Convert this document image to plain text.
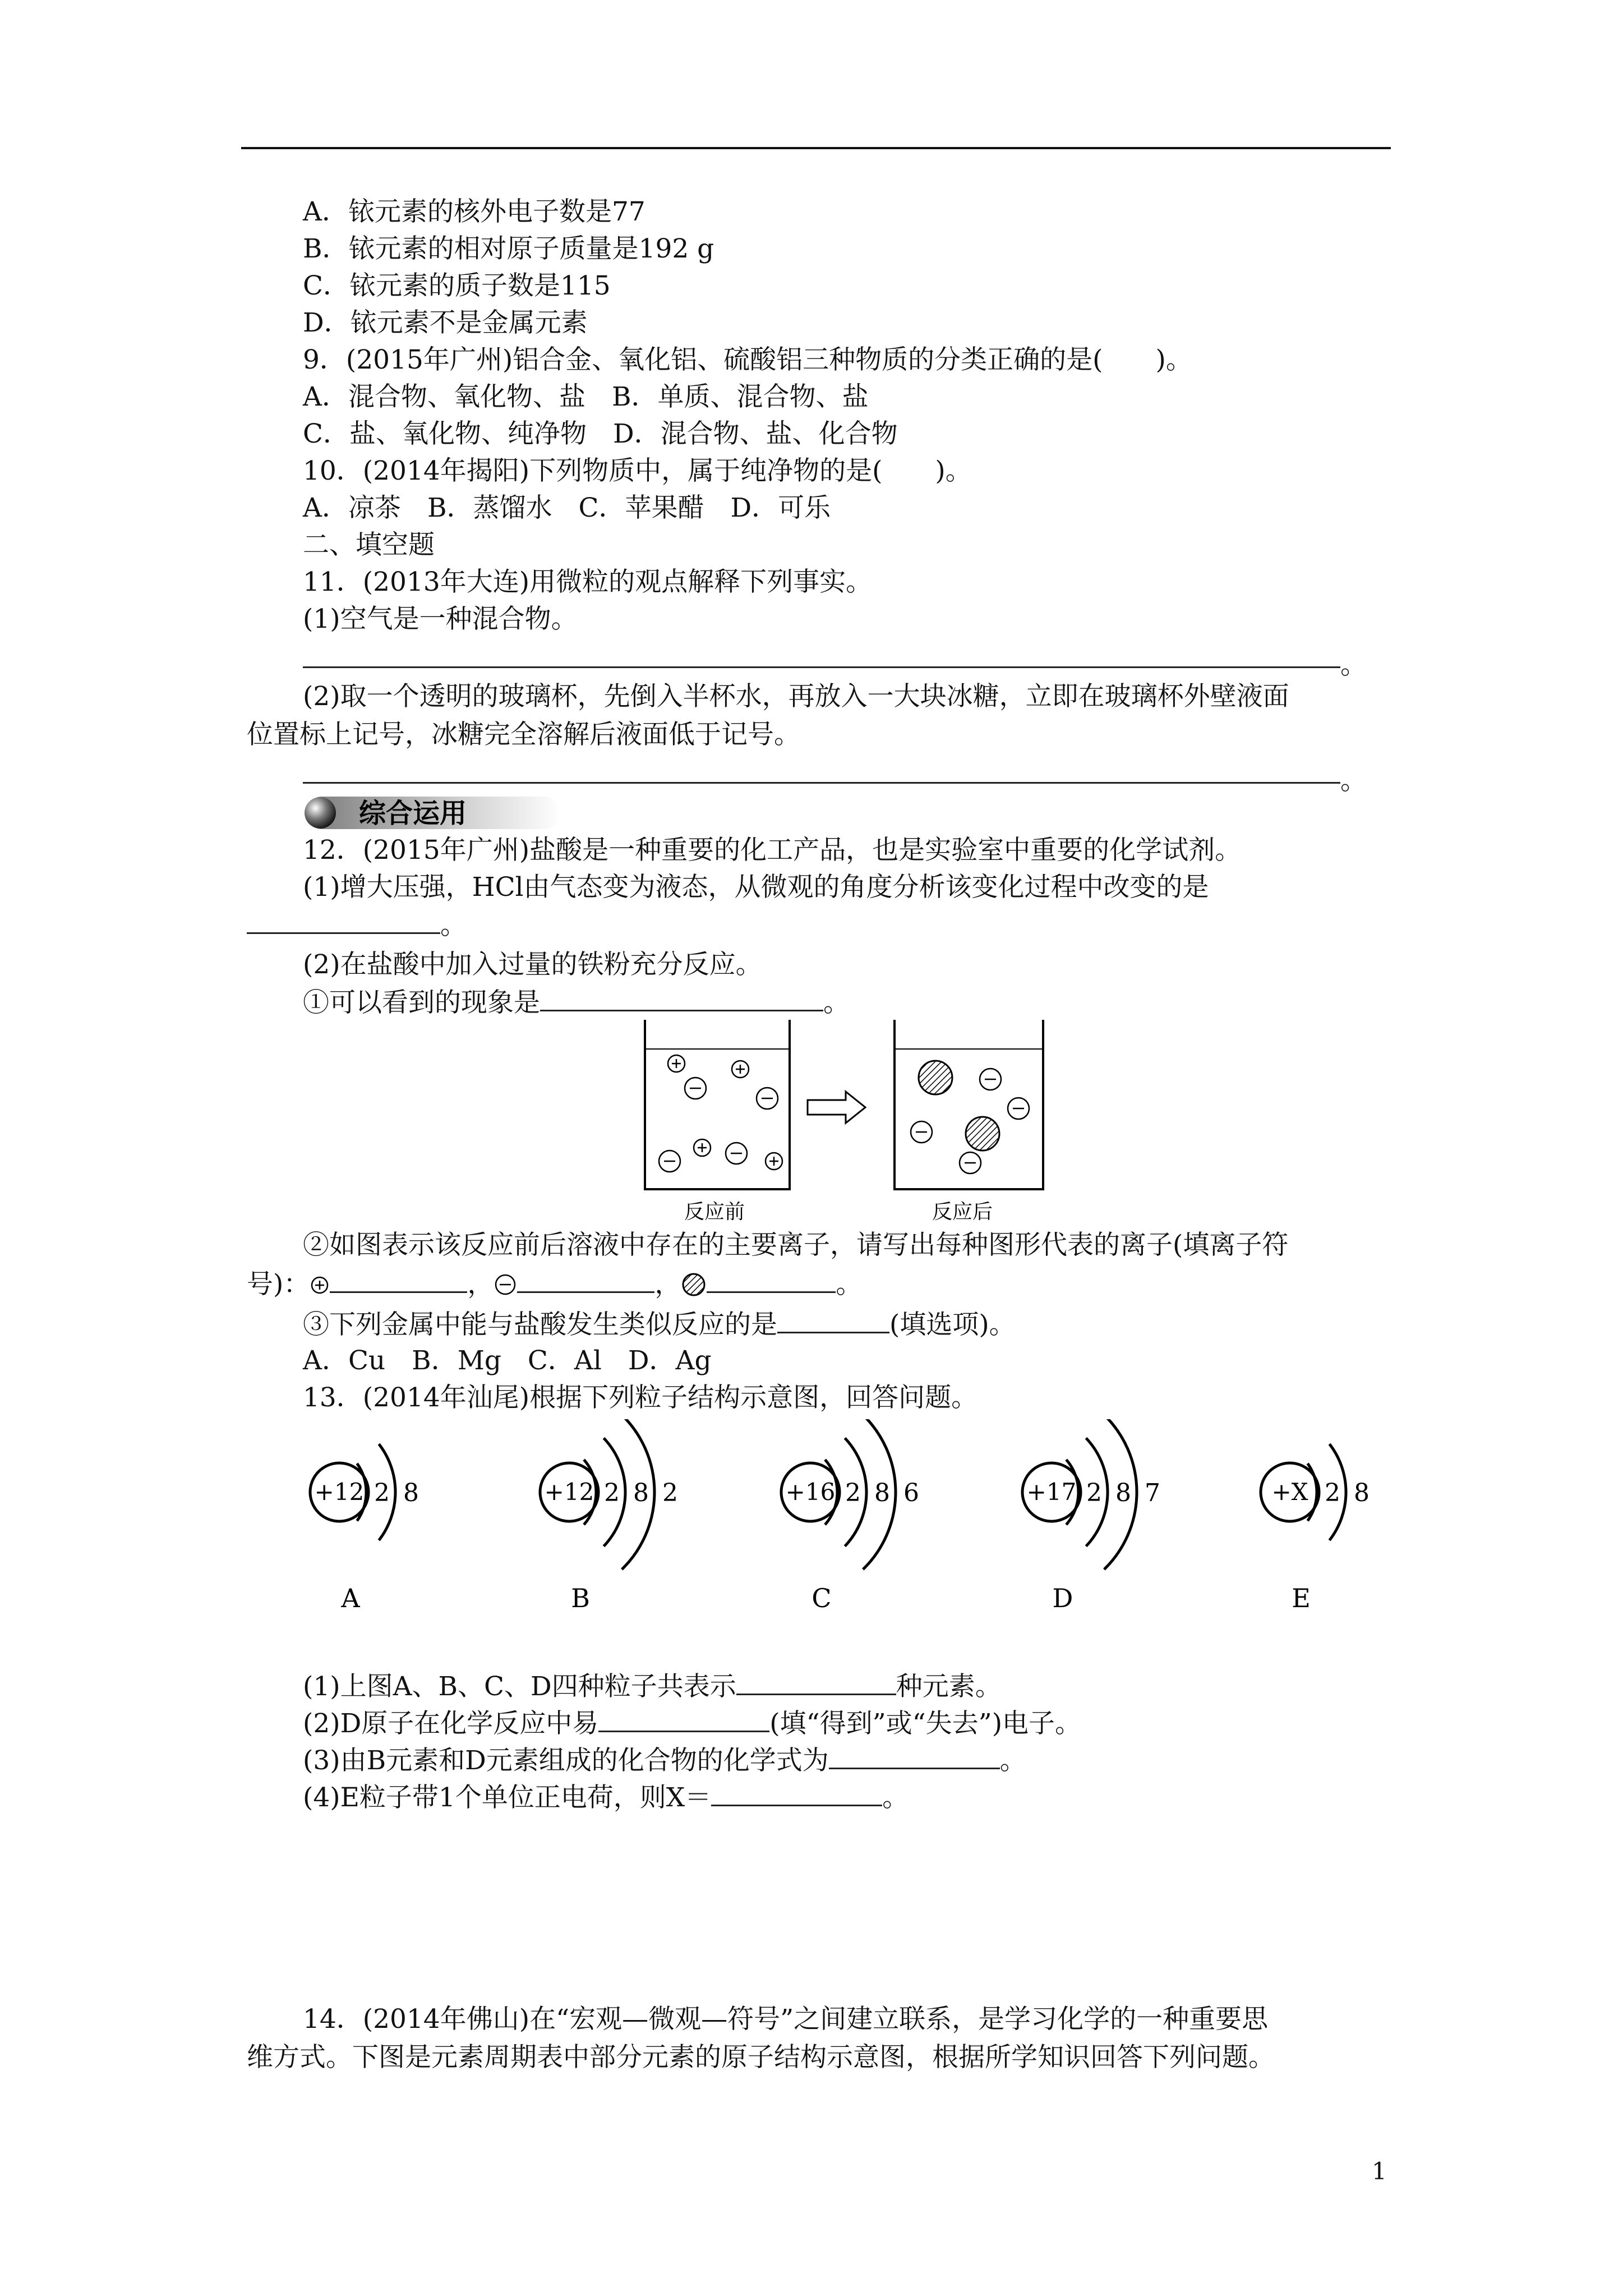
A．铱元素的核外电子数是77
B．铱元素的相对原子质量是192 g
C．铱元素的质子数是115
D．铱元素不是金属元素
9．(2015年广州)铝合金、氧化铝、硫酸铝三种物质的分类正确的是(　　)。
A．混合物、氧化物、盐　B．单质、混合物、盐
C．盐、氧化物、纯净物　D．混合物、盐、化合物
10．(2014年揭阳)下列物质中，属于纯净物的是(　　)。
A．凉茶　B．蒸馏水　C．苹果醋　D．可乐
二、填空题
11．(2013年大连)用微粒的观点解释下列事实。
(1)空气是一种混合物。
。
(2)取一个透明的玻璃杯，先倒入半杯水，再放入一大块冰糖，立即在玻璃杯外壁液面
位置标上记号，冰糖完全溶解后液面低于记号。
。
综合运用
12．(2015年广州)盐酸是一种重要的化工产品，也是实验室中重要的化学试剂。
(1)增大压强，HCl由气态变为液态，从微观的角度分析该变化过程中改变的是
。
(2)在盐酸中加入过量的铁粉充分反应。
①可以看到的现象是	。
反应前	反应后
②如图表示该反应前后溶液中存在的主要离子，请写出每种图形代表的离子(填离子符
号)：	，	，	。
③下列金属中能与盐酸发生类似反应的是	(填选项)。
A．Cu　B．Mg　C．Al　D．Ag
13．(2014年汕尾)根据下列粒子结构示意图，回答问题。
+12 2 8
A
+12 2 8 2
B
+16 2 8 6
C
+17 2 8 7
D
+X 2 8
E
(1)上图A、B、C、D四种粒子共表示	种元素。
(2)D原子在化学反应中易	(填“得到”或“失去”)电子。
(3)由B元素和D元素组成的化合物的化学式为	。
(4)E粒子带1个单位正电荷，则X＝	。
14．(2014年佛山)在“宏观—微观—符号”之间建立联系，是学习化学的一种重要思
维方式。下图是元素周期表中部分元素的原子结构示意图，根据所学知识回答下列问题。
1
